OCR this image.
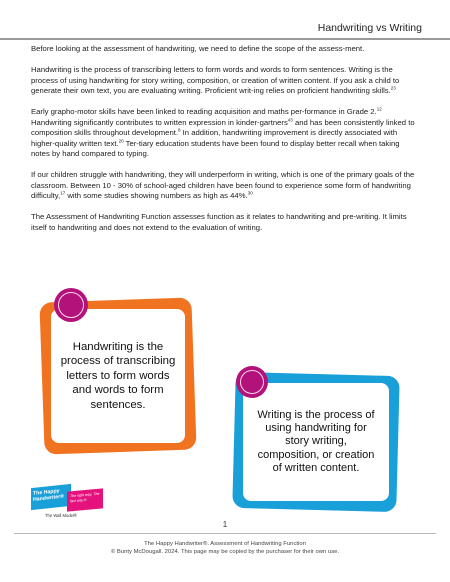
Handwriting vs Writing

Before looking at the assessment of handwriting, we need to define the scope of the assess-ment.

Handwriting is the process of transcribing letters to form words and words to form sentences. Writing is the process of using handwriting for story writing, composition, or creation of written content. If you ask a child to generate their own text, you are evaluating writing. Proficient writ-ing relies on proficient handwriting skills.$^{23}$

Early grapho-motor skills have been linked to reading acquisition and maths per-formance in Grade 2.12 Handwriting significantly contributes to written expression in kinder-gartners$^{43}$ and has been consistently linked to composition skills throughout development.$^8$ In addition, handwriting improvement is directly associated with higher-quality written text.$^{20}$ Ter-tiary education students have been found to display better recall when taking notes by hand compared to typing.

If our children struggle with handwriting, they will underperform in writing, which is one of the primary goals of the classroom. Between 10 - 30% of school-aged children have been found to experience some form of handwriting difficulty,$^{17}$ with some studies showing numbers as high as 44%.$^{30}$

The Assessment of Handwriting Function assesses function as it relates to handwriting and pre-writing. It limits itself to handwriting and does not extend to the evaluation of writing.

Handwriting is the process of transcribing letters to form words and words to form sentences.
Writing is the process of using handwriting for story writing, composition, or creation of written content.
The Happy Handwriter®	The right way. The fast way.®
The Wall Model®
1
The Happy Handwriter®. Assessment of Handwriting Function
© Bunty McDougall. 2024. This page may be copied by the purchaser for their own use.
